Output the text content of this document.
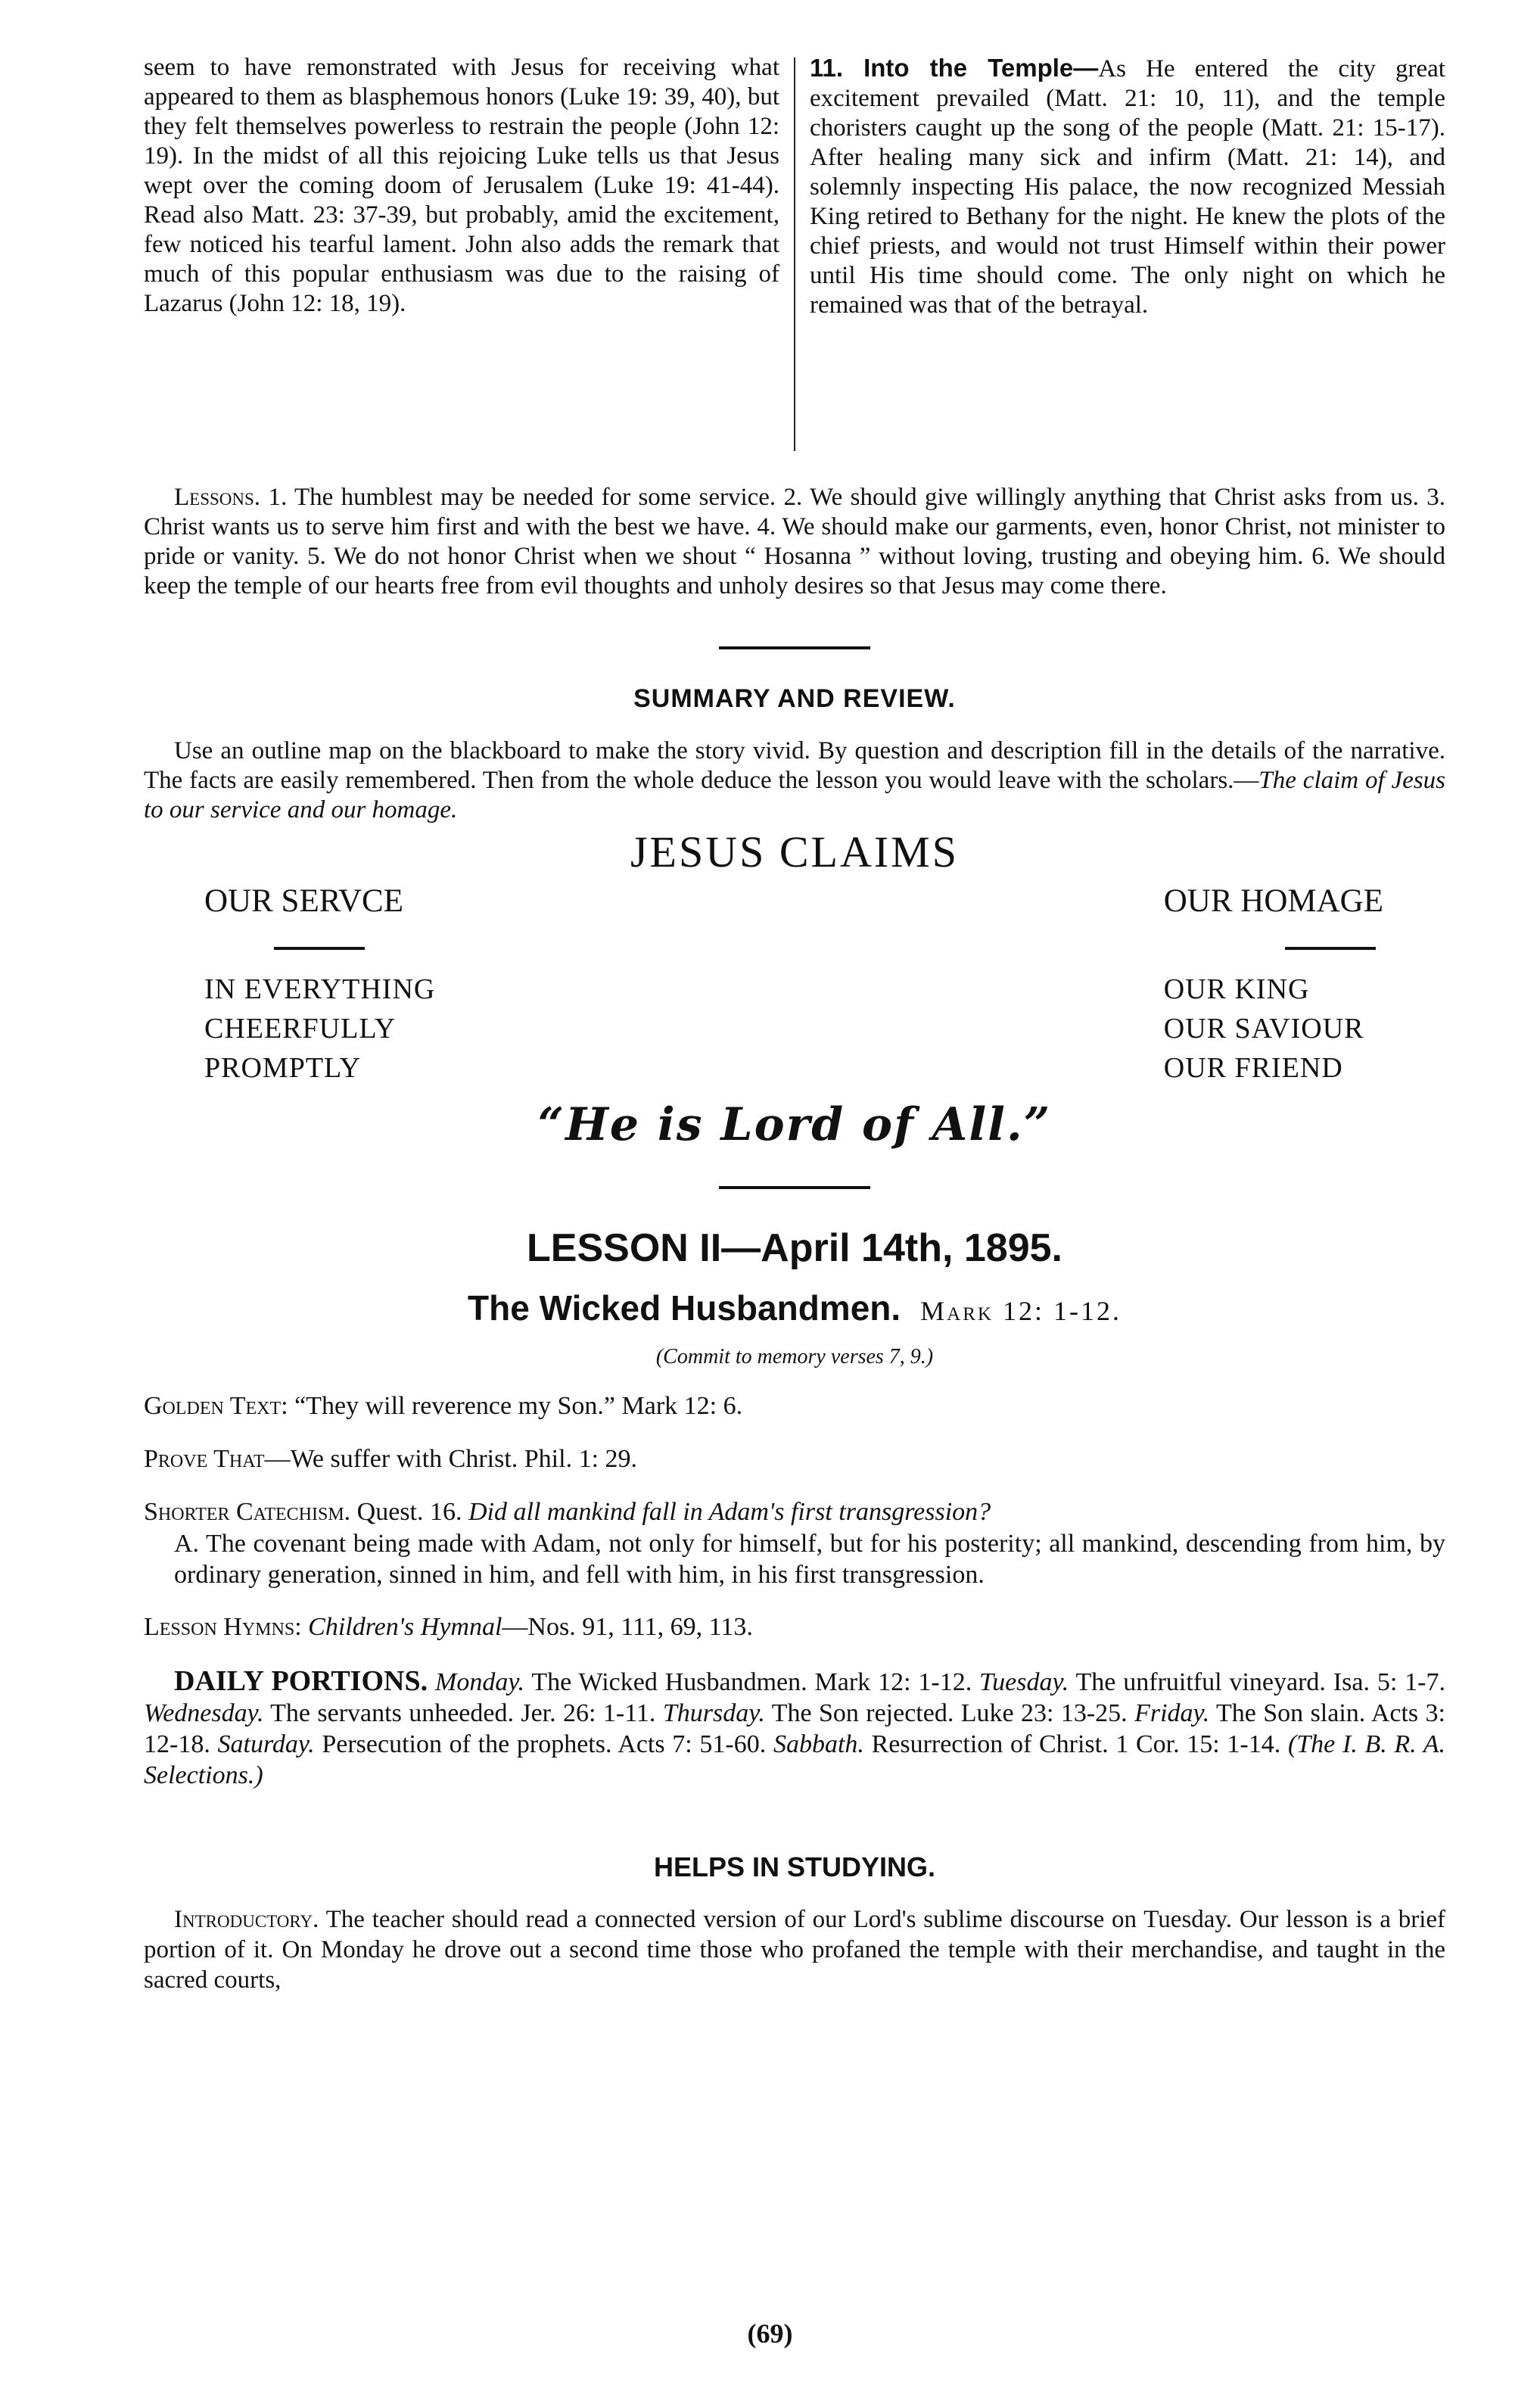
seem to have remonstrated with Jesus for receiving what appeared to them as blasphemous honors (Luke 19: 39, 40), but they felt themselves powerless to restrain the people (John 12: 19). In the midst of all this rejoicing Luke tells us that Jesus wept over the coming doom of Jerusalem (Luke 19: 41-44). Read also Matt. 23: 37-39, but probably, amid the excitement, few noticed his tearful lament. John also adds the remark that much of this popular enthusiasm was due to the raising of Lazarus (John 12: 18, 19).

11. Into the Temple—As He entered the city great excitement prevailed (Matt. 21: 10, 11), and the temple choristers caught up the song of the people (Matt. 21: 15-17). After healing many sick and infirm (Matt. 21: 14), and solemnly inspecting His palace, the now recognized Messiah King retired to Bethany for the night. He knew the plots of the chief priests, and would not trust Himself within their power until His time should come. The only night on which he remained was that of the betrayal.

Lessons. 1. The humblest may be needed for some service. 2. We should give willingly anything that Christ asks from us. 3. Christ wants us to serve him first and with the best we have. 4. We should make our garments, even, honor Christ, not minister to pride or vanity. 5. We do not honor Christ when we shout “ Hosanna ” without loving, trusting and obeying him. 6. We should keep the temple of our hearts free from evil thoughts and unholy desires so that Jesus may come there.

SUMMARY AND REVIEW.

Use an outline map on the blackboard to make the story vivid. By question and description fill in the details of the narrative. The facts are easily remembered. Then from the whole deduce the lesson you would leave with the scholars.—The claim of Jesus to our service and our homage.

JESUS CLAIMS
OUR SERVCE
IN EVERYTHING
CHEERFULLY
PROMPTLY
OUR HOMAGE
OUR KING
OUR SAVIOUR
OUR FRIEND
“He is Lord of All.”
LESSON II—April 14th, 1895.
The Wicked Husbandmen. Mark 12: 1-12.
(Commit to memory verses 7, 9.)

Golden Text: “They will reverence my Son.” Mark 12: 6.

Prove That—We suffer with Christ. Phil. 1: 29.

Shorter Catechism. Quest. 16. Did all mankind fall in Adam's first transgression?

A. The covenant being made with Adam, not only for himself, but for his posterity; all mankind, descending from him, by ordinary generation, sinned in him, and fell with him, in his first transgression.

Lesson Hymns: Children's Hymnal—Nos. 91, 111, 69, 113.

DAILY PORTIONS. Monday. The Wicked Husbandmen. Mark 12: 1-12. Tuesday. The unfruitful vineyard. Isa. 5: 1-7. Wednesday. The servants unheeded. Jer. 26: 1-11. Thursday. The Son rejected. Luke 23: 13-25. Friday. The Son slain. Acts 3: 12-18. Saturday. Persecution of the prophets. Acts 7: 51-60. Sabbath. Resurrection of Christ. 1 Cor. 15: 1-14. (The I. B. R. A. Selections.)

HELPS IN STUDYING.

Introductory. The teacher should read a connected version of our Lord's sublime discourse on Tuesday. Our lesson is a brief portion of it. On Monday he drove out a second time those who profaned the temple with their merchandise, and taught in the sacred courts,

(69)
